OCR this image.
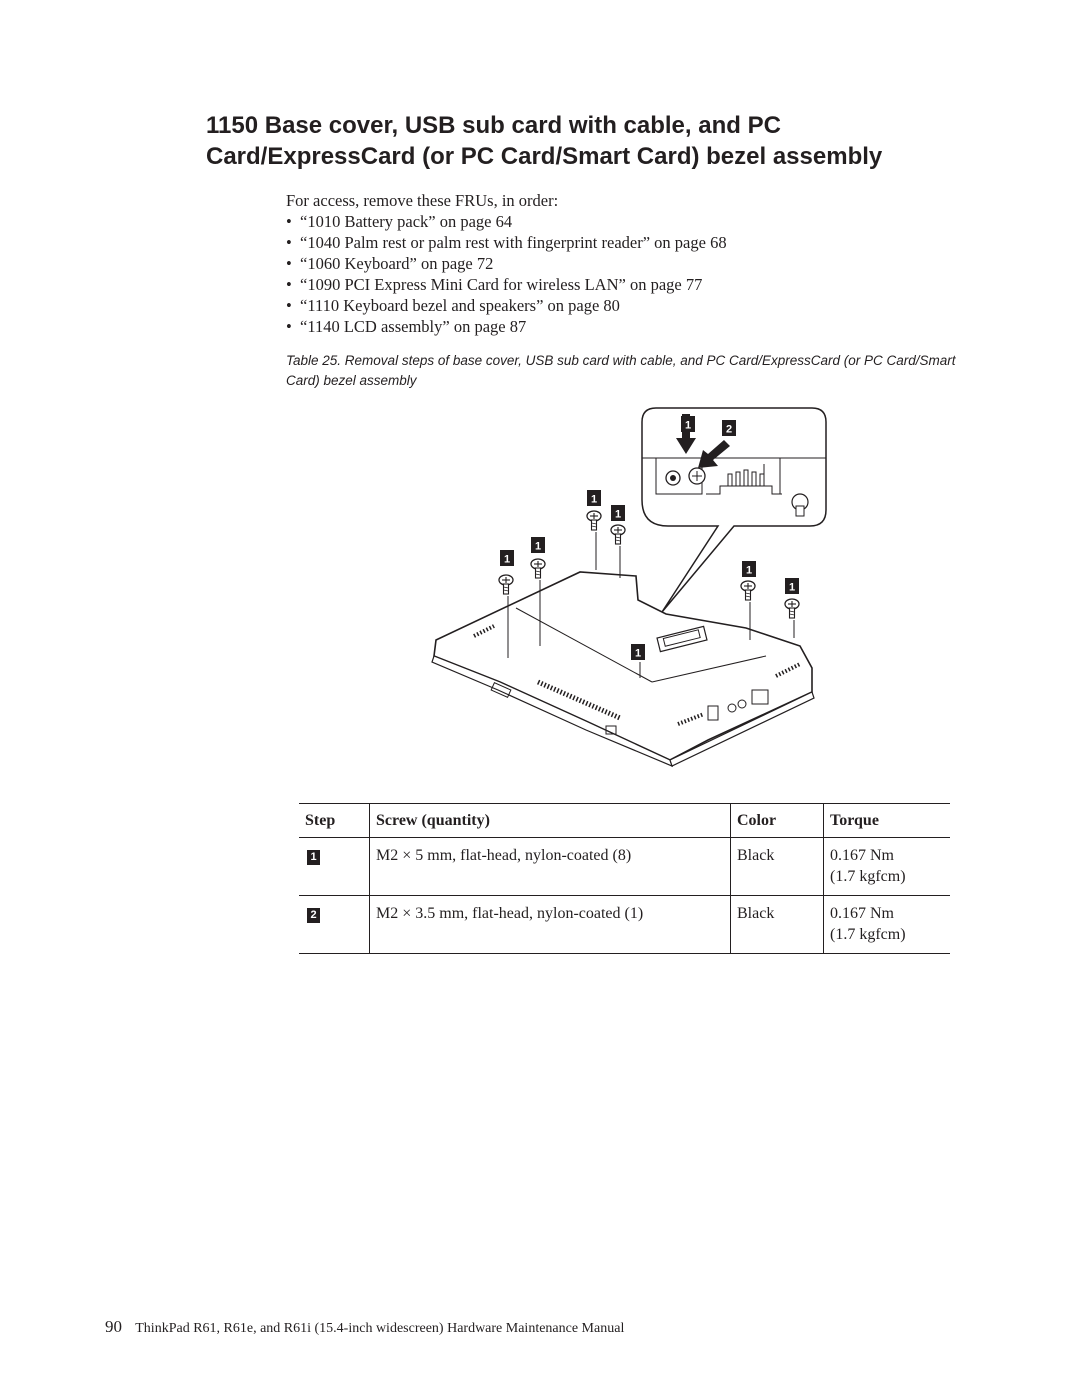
1150 Base cover, USB sub card with cable, and PC
Card/ExpressCard (or PC Card/Smart Card) bezel assembly
For access, remove these FRUs, in order:
• “1010 Battery pack” on page 64
• “1040 Palm rest or palm rest with fingerprint reader” on page 68
• “1060 Keyboard” on page 72
• “1090 PCI Express Mini Card for wireless LAN” on page 77
• “1110 Keyboard bezel and speakers” on page 80
• “1140 LCD assembly” on page 87
Table 25. Removal steps of base cover, USB sub card with cable, and PC Card/ExpressCard (or PC Card/Smart Card) bezel assembly
1	2
1
1
1
1
1
1
1
Step	Screw (quantity)	Color	Torque
1	M2 × 5 mm, flat-head, nylon-coated (8)	Black	0.167 Nm
(1.7 kgfcm)

2	M2 × 3.5 mm, flat-head, nylon-coated (1)	Black	0.167 Nm
(1.7 kgfcm)
90 ThinkPad R61, R61e, and R61i (15.4-inch widescreen) Hardware Maintenance Manual
